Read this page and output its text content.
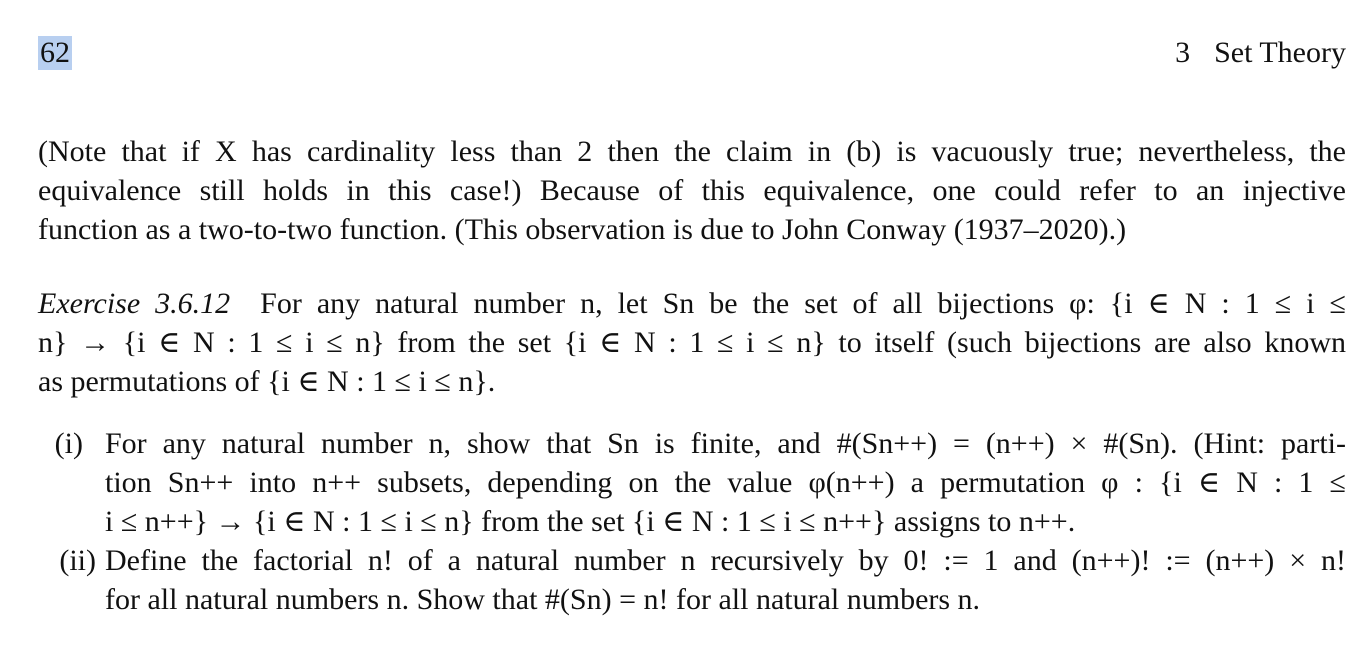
62	3 Set Theory
(Note that if X has cardinality less than 2 then the claim in (b) is vacuously true; nevertheless, the
equivalence still holds in this case!) Because of this equivalence, one could refer to an injective
function as a two-to-two function. (This observation is due to John Conway (1937–2020).)
Exercise 3.6.12 For any natural number n, let Sn be the set of all bijections φ: {i ∈ N : 1 ≤ i ≤
n} → {i ∈ N : 1 ≤ i ≤ n} from the set {i ∈ N : 1 ≤ i ≤ n} to itself (such bijections are also known
as permutations of {i ∈ N : 1 ≤ i ≤ n}.
(i) For any natural number n, show that Sn is finite, and #(Sn++) = (n++) × #(Sn). (Hint: parti-
tion Sn++ into n++ subsets, depending on the value φ(n++) a permutation φ : {i ∈ N : 1 ≤
i ≤ n++} → {i ∈ N : 1 ≤ i ≤ n} from the set {i ∈ N : 1 ≤ i ≤ n++} assigns to n++.
(ii) Define the factorial n! of a natural number n recursively by 0! := 1 and (n++)! := (n++) × n!
for all natural numbers n. Show that #(Sn) = n! for all natural numbers n.
